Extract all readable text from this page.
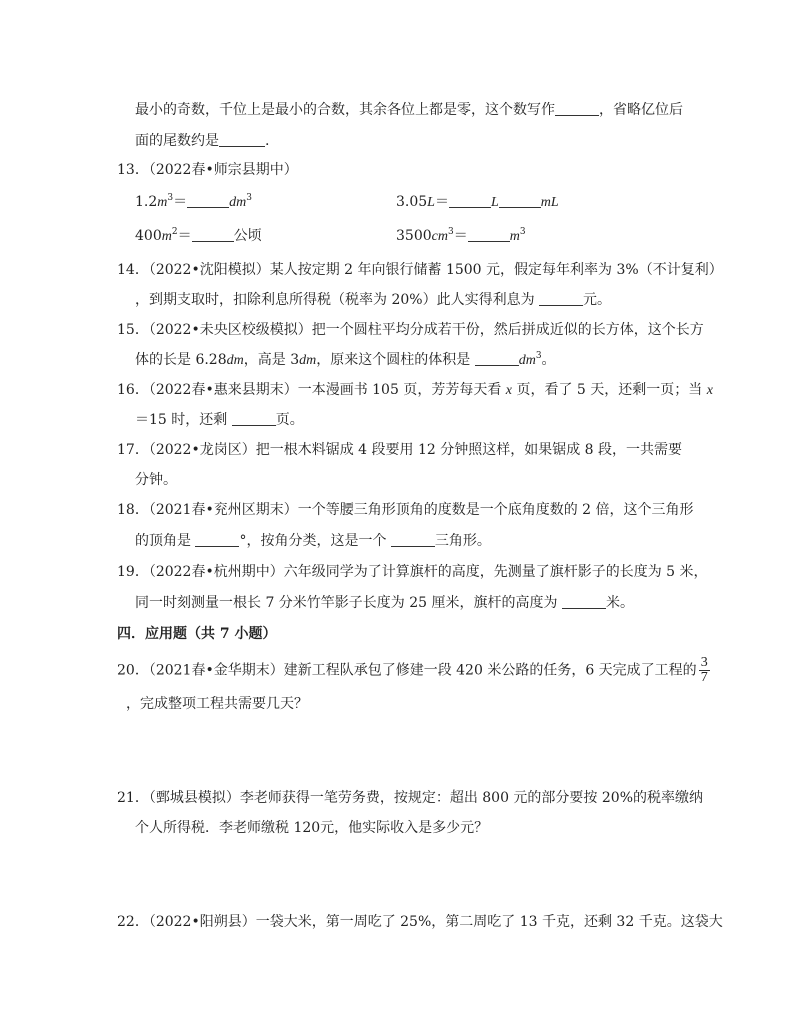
最小的奇数，千位上是最小的合数，其余各位上都是零，这个数写作	，省略亿位后
面的尾数约是	.
13．（2022春•师宗县期中）
$1.2m^3=$	$dm^3$	3.05L＝	L	mL
$400m^2=$	公顷	$3500cm^3=$	$m^3$
14．（2022•沈阳模拟）某人按定期 2 年向银行储蓄 1500 元，假定每年利率为 3%（不计复利）
，到期支取时，扣除利息所得税（税率为 20%）此人实得利息为	元。
15．（2022•未央区校级模拟）把一个圆柱平均分成若干份，然后拼成近似的长方体，这个长方
体的长是 6.28dm，高是 3dm，原来这个圆柱的体积是	$dm^3$。
16．（2022春•惠来县期末）一本漫画书 105 页，芳芳每天看 x 页，看了 5 天，还剩一页；当 x
＝15 时，还剩	页。
17．（2022•龙岗区）把一根木料锯成 4 段要用 12 分钟照这样，如果锯成 8 段，一共需要
分钟。
18．（2021春•兖州区期末）一个等腰三角形顶角的度数是一个底角度数的 2 倍，这个三角形
的顶角是	°，按角分类，这是一个	三角形。
19．（2022春•杭州期中）六年级同学为了计算旗杆的高度，先测量了旗杆影子的长度为 5 米，
同一时刻测量一根长 7 分米竹竿影子长度为 25 厘米，旗杆的高度为	米。
四．应用题（共 7 小题）
20．（2021春•金华期末）建新工程队承包了修建一段 420 米公路的任务，6 天完成了工程的 $\frac{3}{7}$
，完成整项工程共需要几天？
21．（鄄城县模拟）李老师获得一笔劳务费，按规定：超出 800 元的部分要按 20%的税率缴纳
个人所得税．李老师缴税 120元，他实际收入是多少元？
22．（2022•阳朔县）一袋大米，第一周吃了 25%，第二周吃了 13 千克，还剩 32 千克。这袋大
